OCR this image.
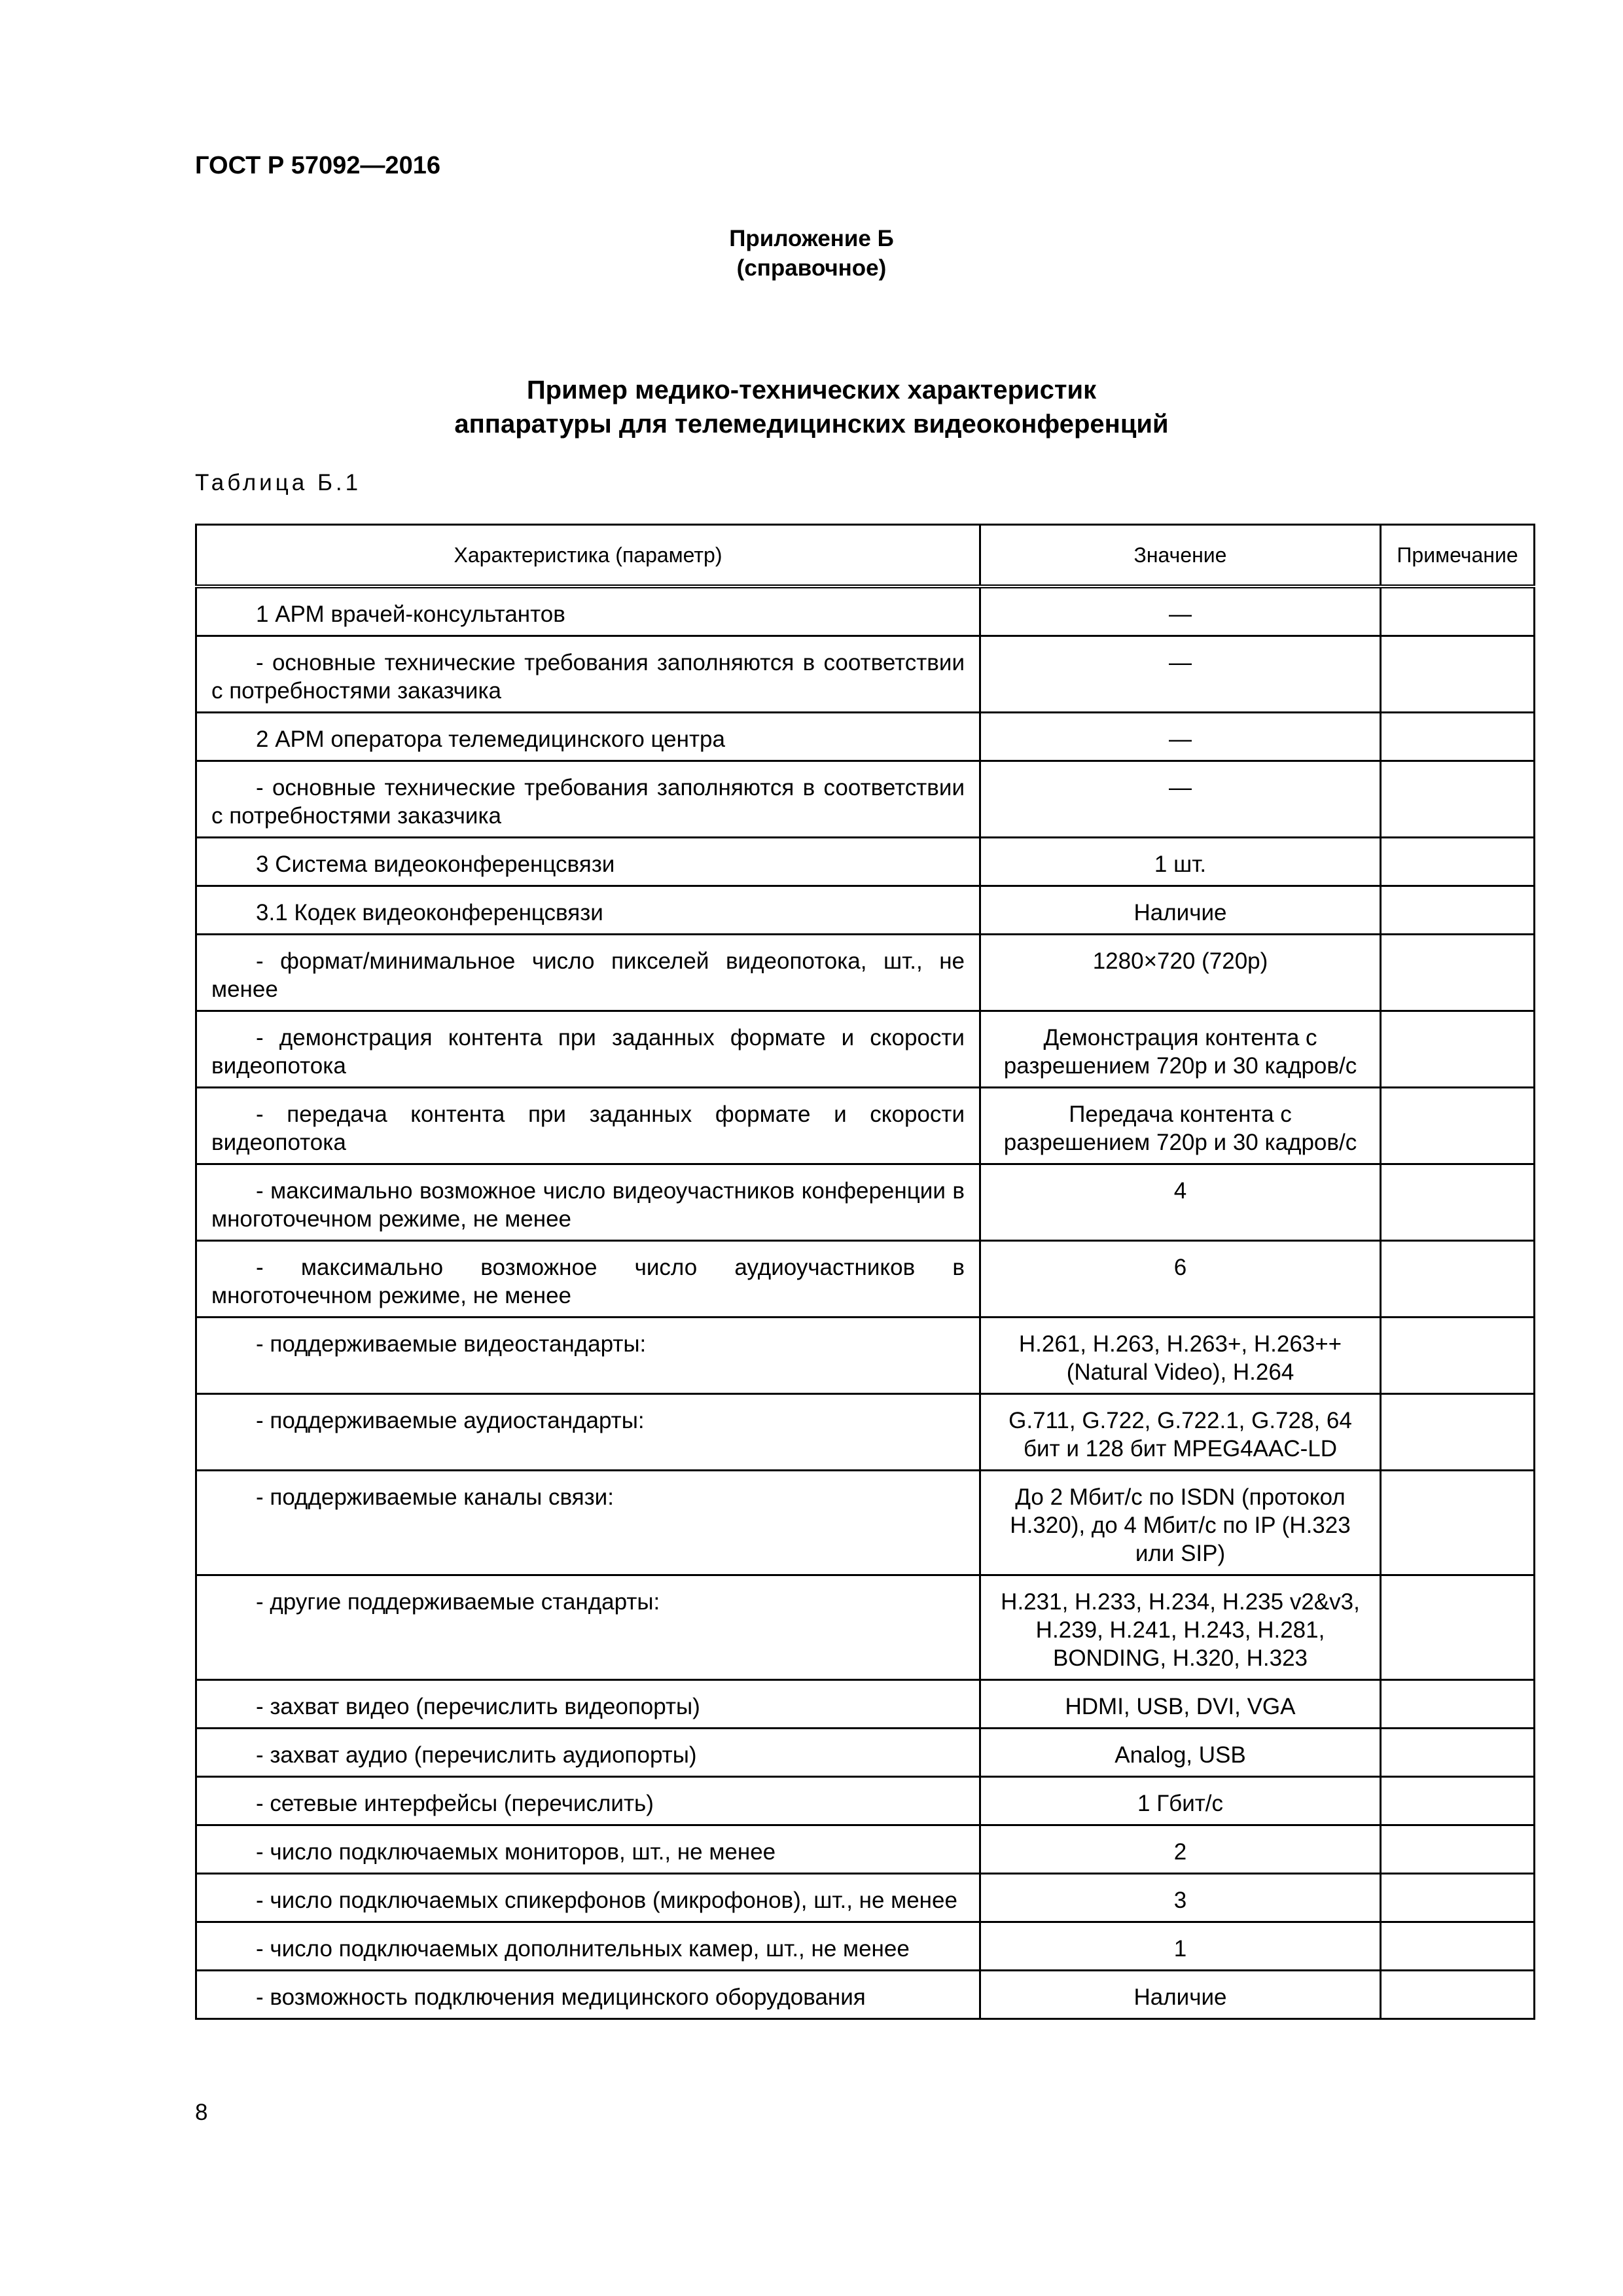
ГОСТ Р 57092—2016
Приложение Б
(справочное)
Пример медико-технических характеристик
аппаратуры для телемедицинских видеоконференций
Таблица Б.1
Характеристика (параметр)	Значение	Примечание
1 АРМ врачей-консультантов	—	
- основные технические требования заполняются в соответствии с потребностями заказчика	—	
2 АРМ оператора телемедицинского центра	—	
- основные технические требования заполняются в соответствии с потребностями заказчика	—	
3 Система видеоконференцсвязи	1 шт.	
3.1 Кодек видеоконференцсвязи	Наличие	
- формат/минимальное число пикселей видеопотока, шт., не менее	1280×720 (720р)	
- демонстрация контента при заданных формате и скорости видеопотока	Демонстрация контента с разрешением 720р и 30 кадров/с	
- передача контента при заданных формате и скорости видеопотока	Передача контента с разрешением 720р и 30 кадров/с	
- максимально возможное число видеоучастников конференции в многоточечном режиме, не менее	4	
- максимально возможное число аудиоучастников в многоточечном режиме, не менее	6	
- поддерживаемые видеостандарты:	Н.261, Н.263, Н.263+, Н.263++ (Natural Video), Н.264	
- поддерживаемые аудиостандарты:	G.711, G.722, G.722.1, G.728, 64 бит и 128 бит MPEG4AAC-LD	
- поддерживаемые каналы связи:	До 2 Мбит/с по ISDN (протокол Н.320), до 4 Мбит/с по IP (Н.323 или SIP)	
- другие поддерживаемые стандарты:	Н.231, Н.233, Н.234, Н.235 v2&v3, Н.239, Н.241, Н.243, Н.281, BONDING, Н.320, Н.323	
- захват видео (перечислить видеопорты)	HDMI, USB, DVI, VGA	
- захват аудио (перечислить аудиопорты)	Analog, USB	
- сетевые интерфейсы (перечислить)	1 Гбит/с	
- число подключаемых мониторов, шт., не менее	2	
- число подключаемых спикерфонов (микрофонов), шт., не менее	3	
- число подключаемых дополнительных камер, шт., не менее	1	
- возможность подключения медицинского оборудования	Наличие	
8
